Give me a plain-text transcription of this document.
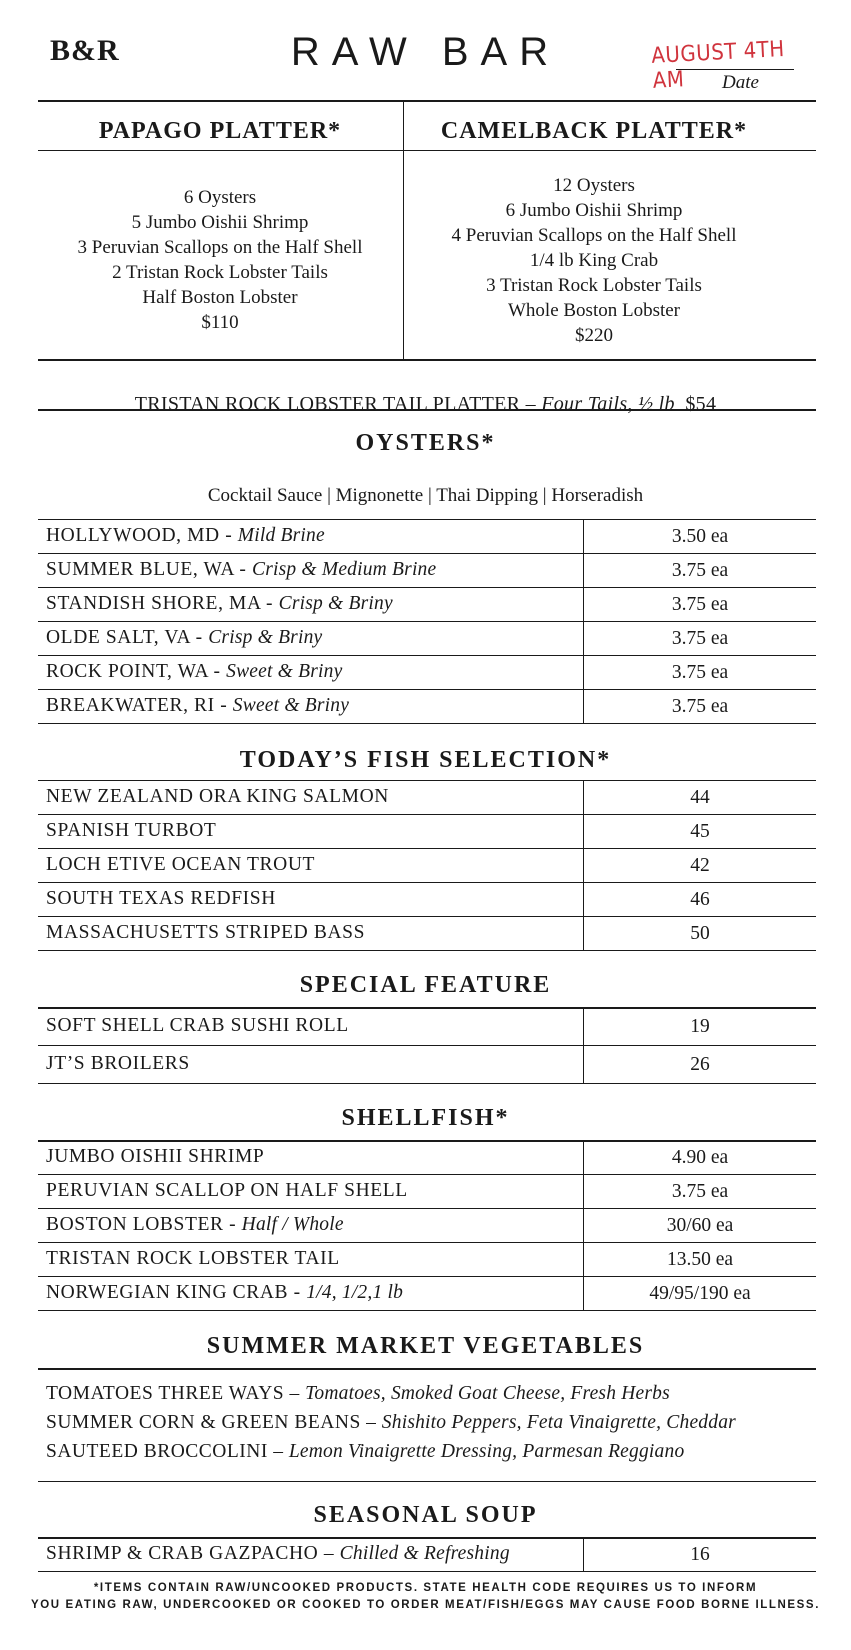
B&R	RAW BAR	AUGUST 4TH AM	Date
PAPAGO PLATTER*	CAMELBACK PLATTER*
6 Oysters
5 Jumbo Oishii Shrimp
3 Peruvian Scallops on the Half Shell
2 Tristan Rock Lobster Tails
Half Boston Lobster
$110
12 Oysters
6 Jumbo Oishii Shrimp
4 Peruvian Scallops on the Half Shell
1/4 lb King Crab
3 Tristan Rock Lobster Tails
Whole Boston Lobster
$220
TRISTAN ROCK LOBSTER TAIL PLATTER – Four Tails, ½ lb $54
OYSTERS*
Cocktail Sauce | Mignonette | Thai Dipping | Horseradish
HOLLYWOOD, MD - Mild Brine	3.50 ea
SUMMER BLUE, WA - Crisp & Medium Brine	3.75 ea
STANDISH SHORE, MA - Crisp & Briny	3.75 ea
OLDE SALT, VA - Crisp & Briny	3.75 ea
ROCK POINT, WA - Sweet & Briny	3.75 ea
BREAKWATER, RI - Sweet & Briny	3.75 ea
TODAY’S FISH SELECTION*
NEW ZEALAND ORA KING SALMON	44
SPANISH TURBOT	45
LOCH ETIVE OCEAN TROUT	42
SOUTH TEXAS REDFISH	46
MASSACHUSETTS STRIPED BASS	50
SPECIAL FEATURE
SOFT SHELL CRAB SUSHI ROLL	19
JT’S BROILERS	26
SHELLFISH*
JUMBO OISHII SHRIMP	4.90 ea
PERUVIAN SCALLOP ON HALF SHELL	3.75 ea
BOSTON LOBSTER - Half / Whole	30/60 ea
TRISTAN ROCK LOBSTER TAIL	13.50 ea
NORWEGIAN KING CRAB - 1/4, 1/2,1 lb	49/95/190 ea
SUMMER MARKET VEGETABLES
TOMATOES THREE WAYS – Tomatoes, Smoked Goat Cheese, Fresh Herbs
SUMMER CORN & GREEN BEANS – Shishito Peppers, Feta Vinaigrette, Cheddar
SAUTEED BROCCOLINI – Lemon Vinaigrette Dressing, Parmesan Reggiano
SEASONAL SOUP
SHRIMP & CRAB GAZPACHO – Chilled & Refreshing	16
*ITEMS CONTAIN RAW/UNCOOKED PRODUCTS. STATE HEALTH CODE REQUIRES US TO INFORM
YOU EATING RAW, UNDERCOOKED OR COOKED TO ORDER MEAT/FISH/EGGS MAY CAUSE FOOD BORNE ILLNESS.
